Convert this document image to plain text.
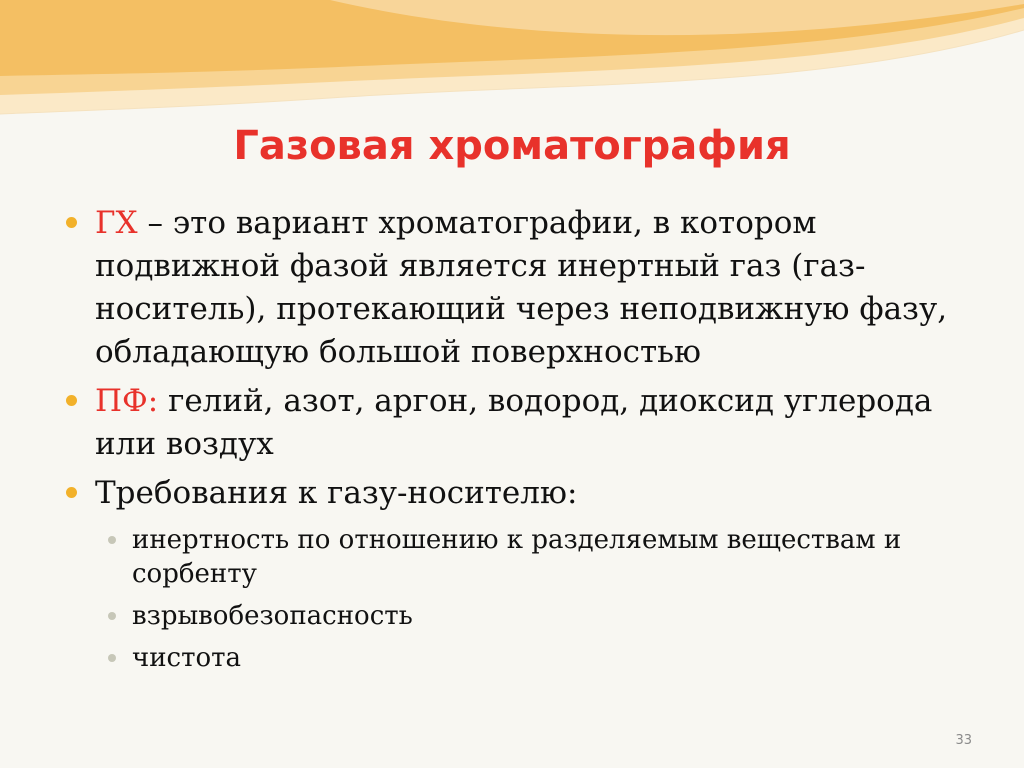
Газовая хроматография
ГХ – это вариант хроматографии, в котором подвижной фазой является инертный газ (газ-носитель), протекающий через неподвижную фазу, обладающую большой поверхностью
ПФ: гелий, азот, аргон, водород, диоксид углерода или воздух
Требования к газу-носителю:
инертность по отношению к разделяемым веществам и сорбенту
взрывобезопасность
чистота
33
